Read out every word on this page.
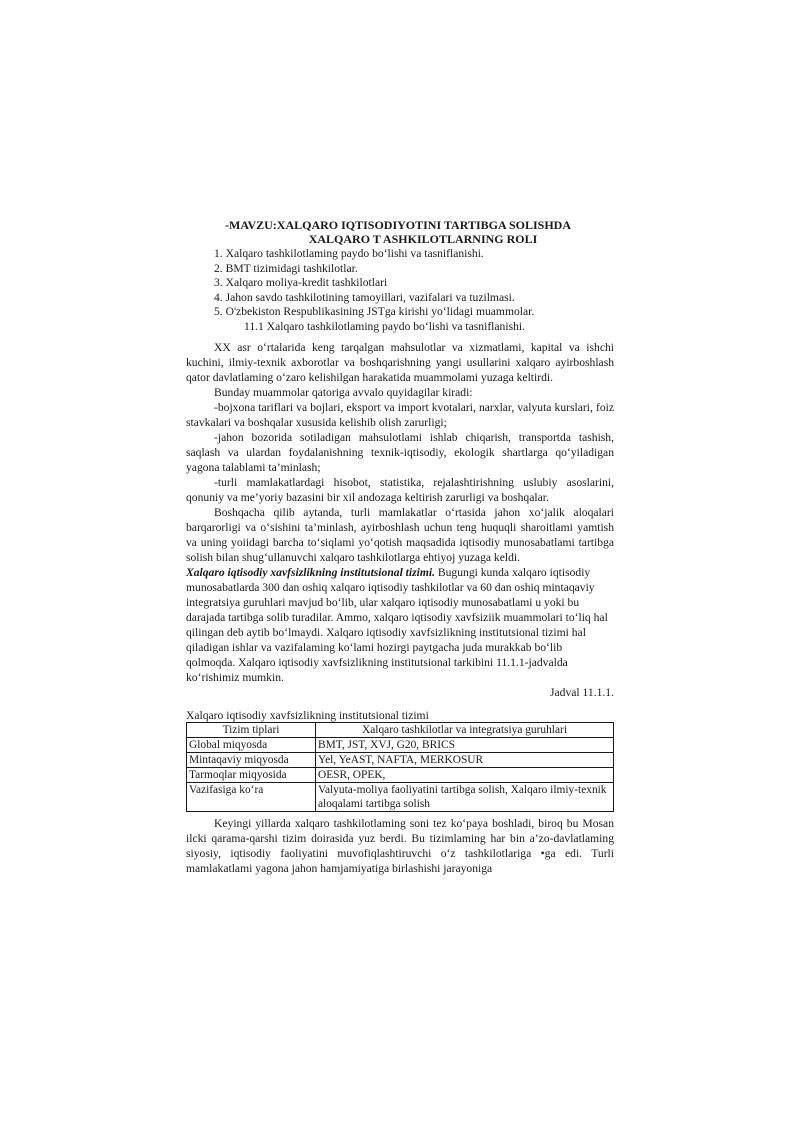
-MAVZU:XALQARO IQTISODIYOTINI TARTIBGA SOLISHDA
XALQARO T ASHKILOTLARNING ROLI
1. Xalqaro tashkilotlaming paydo bo‘lishi va tasniflanishi.
2. BMT tizimidagi tashkilotlar.
3. Xalqaro moliya-kredit tashkilotlari
4. Jahon savdo tashkilotining tamoyillari, vazifalari va tuzilmasi.
5. O'zbekiston Respublikasining JSTga kirishi yo‘lidagi muammolar.
11.1 Xalqaro tashkilotlaming paydo bo‘lishi va tasniflanishi.

XX asr o‘rtalarida keng tarqalgan mahsulotlar va xizmatlami, kapital va ishchi kuchini, ilmiy-texnik axborotlar va boshqarishning yangi usullarini xalqaro ayirboshlash qator davlatlaming o‘zaro kelishilgan harakatida muammolami yuzaga keltirdi.

Bunday muammolar qatoriga avvalo quyidagilar kiradi:

-bojxona tariflari va bojlari, eksport va import kvotalari, narxlar, valyuta kurslari, foiz stavkalari va boshqalar xususida kelishib olish zarurligi;

-jahon bozorida sotiladigan mahsulotlami ishlab chiqarish, transportda tashish, saqlash va ulardan foydalanishning texnik-iqtisodiy, ekologik shartlarga qo‘yiladigan yagona talablami ta’minlash;

-turli mamlakatlardagi hisobot, statistika, rejalashtirishning uslubiy asoslarini, qonuniy va me’yoriy bazasini bir xil andozaga keltirish zarurligi va boshqalar.

Boshqacha qilib aytanda, turli mamlakatlar o‘rtasida jahon xo‘jalik aloqalari barqarorligi va o‘sishini ta’minlash, ayirboshlash uchun teng huquqli sharoitlami yamtish va uning yoiidagi barcha to‘siqlami yo‘qotish maqsadida iqtisodiy munosabatlami tartibga solish bilan shug‘ullanuvchi xalqaro tashkilotlarga ehtiyoj yuzaga keldi.

Xalqaro iqtisodiy xavfsizlikning institutsional tizimi. Bugungi kunda xalqaro iqtisodiy munosabatlarda 300 dan oshiq xalqaro iqtisodiy tashkilotlar va 60 dan oshiq mintaqaviy integratsiya guruhlari mavjud bo‘lib, ular xalqaro iqtisodiy munosabatlami u yoki bu darajada tartibga solib turadilar. Ammo, xalqaro iqtisodiy xavfsiziik muammolari to‘liq hal qilingan deb aytib bo‘lmaydi. Xalqaro iqtisodiy xavfsizlikning institutsional tizimi hal qiladigan ishlar va vazifalaming ko‘lami hozirgi paytgacha juda murakkab bo‘lib qolmoqda. Xalqaro iqtisodiy xavfsizlikning institutsional tarkibini 11.1.1-jadvalda ko‘rishimiz mumkin.

Jadval 11.1.1.
Xalqaro iqtisodiy xavfsizlikning institutsional tizimi
Tizim tiplari	Xalqaro tashkilotlar va integratsiya guruhlari
Global miqyosda	BMT, JST, XVJ, G20, BRICS
Mintaqaviy miqyosda	Yel, YeAST, NAFTA, MERKOSUR
Tarmoqlar miqyosida	OESR, OPEK,
Vazifasiga ko‘ra	Valyuta-moliya faoliyatini tartibga solish, Xalqaro ilmiy-texnik aloqalami tartibga solish

Keyingi yillarda xalqaro tashkilotlaming soni tez ko‘paya boshladi, biroq bu Mosan ilcki qarama-qarshi tizim doirasida yuz berdi. Bu tizimlaming har bin a’zo-davlatlaming siyosiy, iqtisodiy faoliyatini muvofiqlashtiruvchi o‘z tashkilotlariga •ga edi. Turli mamlakatlami yagona jahon hamjamiyatiga birlashishi jarayoniga
